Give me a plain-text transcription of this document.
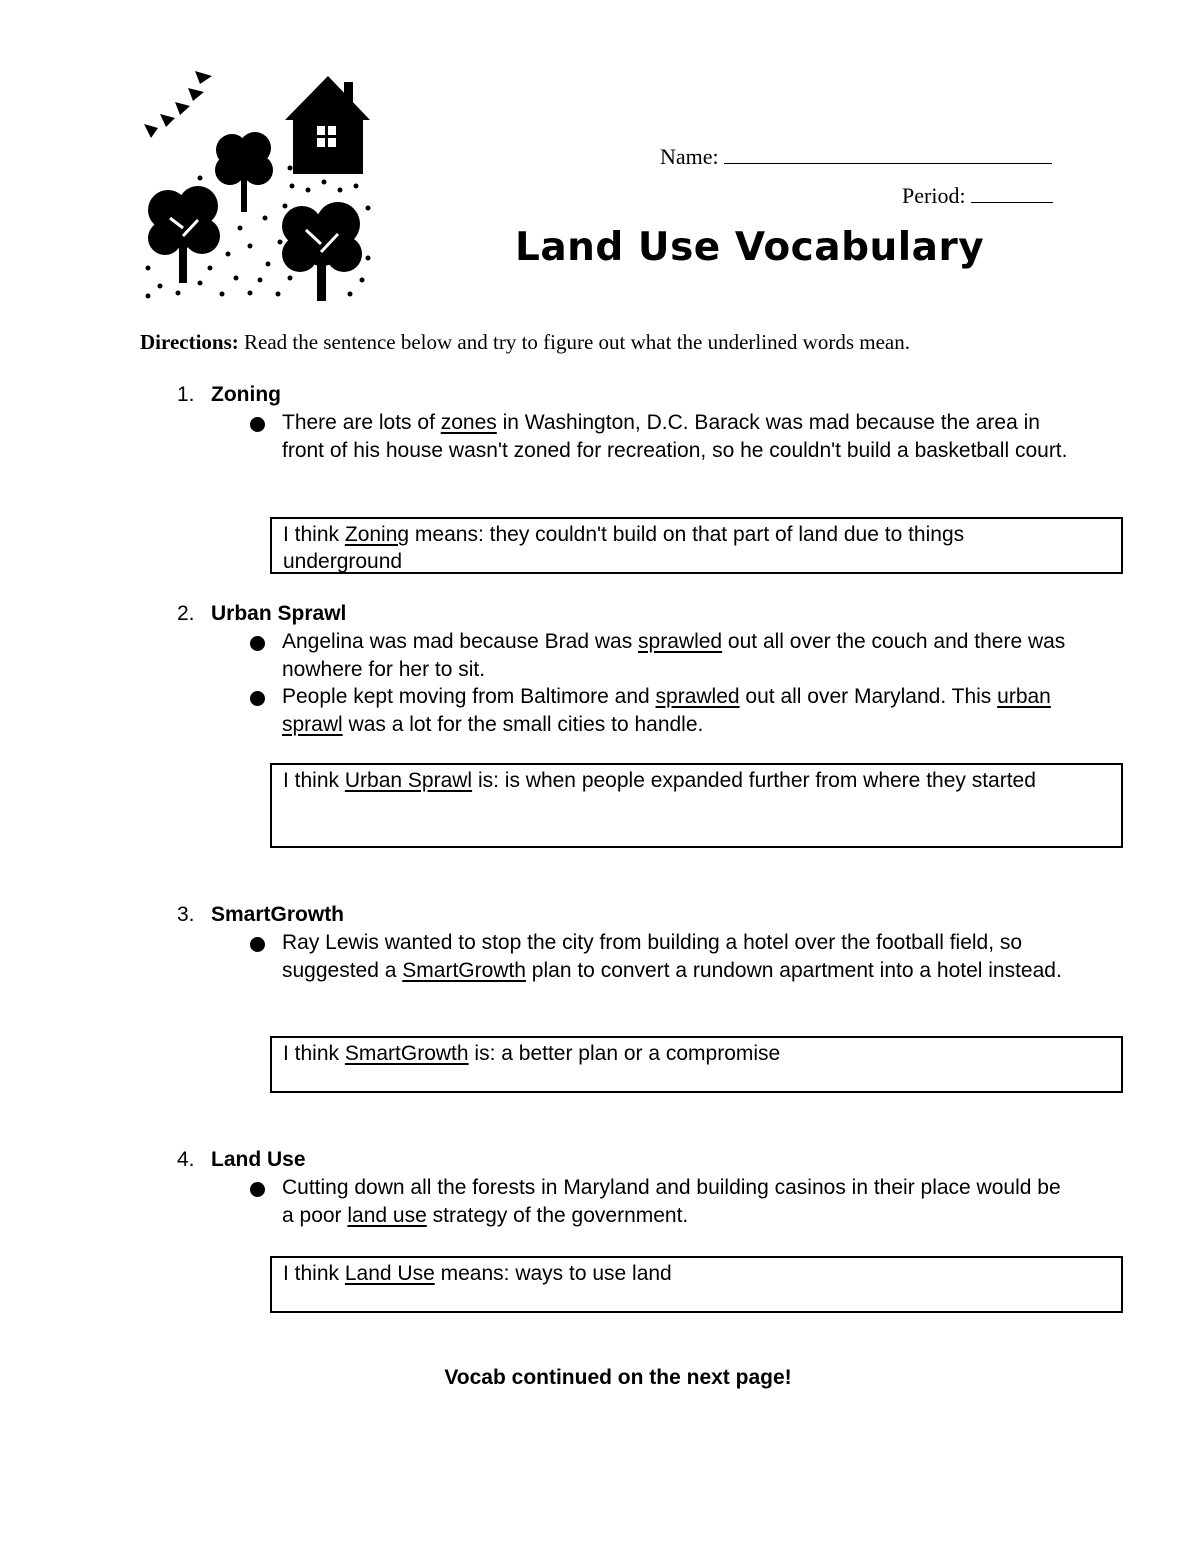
Name:
Period:
Land Use Vocabulary
Directions: Read the sentence below and try to figure out what the underlined words mean.
1. Zoning
There are lots of zones in Washington, D.C. Barack was mad because the area in front of his house wasn't zoned for recreation, so he couldn't build a basketball court.
I think Zoning means: they couldn't build on that part of land due to things underground
2. Urban Sprawl
Angelina was mad because Brad was sprawled out all over the couch and there was nowhere for her to sit.
People kept moving from Baltimore and sprawled out all over Maryland. This urban sprawl was a lot for the small cities to handle.
I think Urban Sprawl is: is when people expanded further from where they started
3. SmartGrowth
Ray Lewis wanted to stop the city from building a hotel over the football field, so suggested a SmartGrowth plan to convert a rundown apartment into a hotel instead.
I think SmartGrowth is: a better plan or a compromise
4. Land Use
Cutting down all the forests in Maryland and building casinos in their place would be a poor land use strategy of the government.
I think Land Use means: ways to use land
Vocab continued on the next page!
